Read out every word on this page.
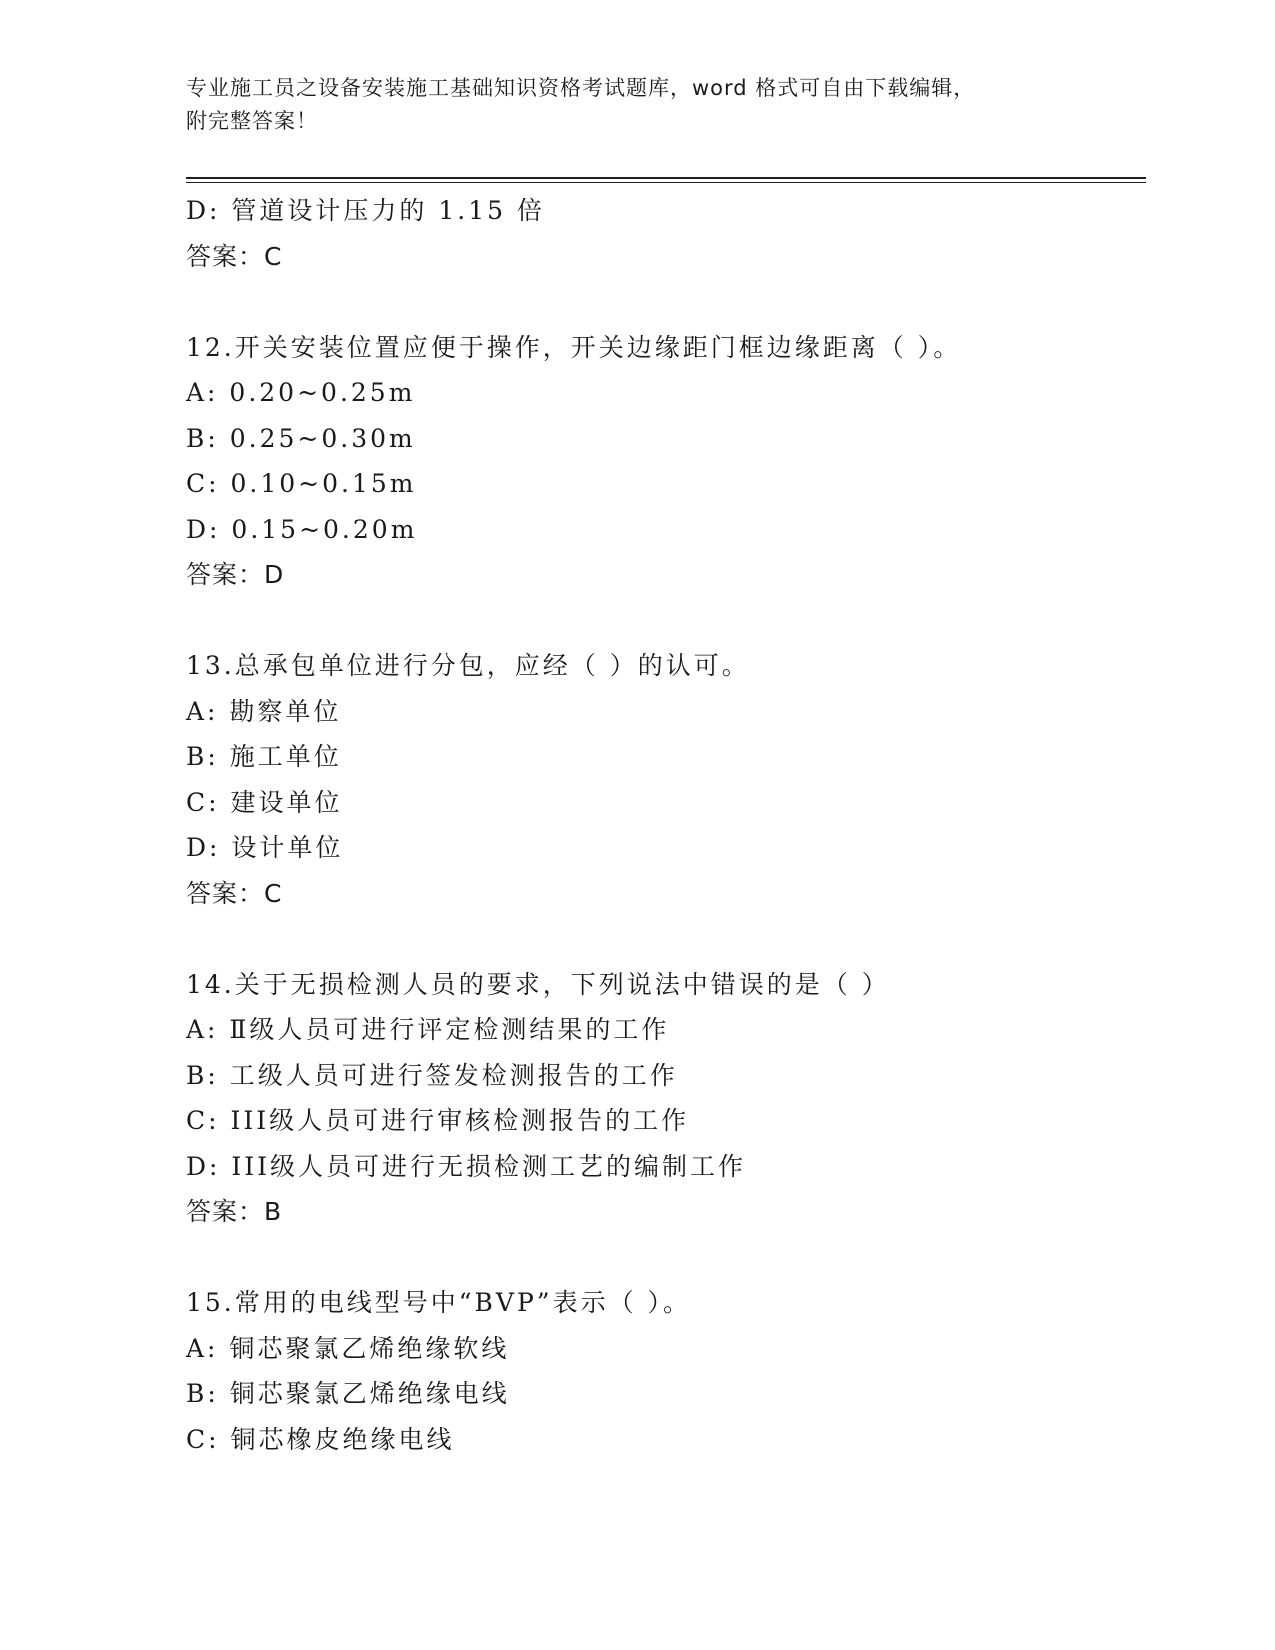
专业施工员之设备安装施工基础知识资格考试题库，word 格式可自由下载编辑，
附完整答案！
D: 管道设计压力的 1.15 倍
答案：C
12.开关安装位置应便于操作，开关边缘距门框边缘距离（ ）。
A: 0.20~0.25m
B: 0.25~0.30m
C: 0.10~0.15m
D: 0.15~0.20m
答案：D
13.总承包单位进行分包，应经（ ）的认可。
A: 勘察单位
B: 施工单位
C: 建设单位
D: 设计单位
答案：C
14.关于无损检测人员的要求，下列说法中错误的是（ ）
A: Ⅱ级人员可进行评定检测结果的工作
B: 工级人员可进行签发检测报告的工作
C: III级人员可进行审核检测报告的工作
D: III级人员可进行无损检测工艺的编制工作
答案：B
15.常用的电线型号中“BVP”表示（ ）。
A: 铜芯聚氯乙烯绝缘软线
B: 铜芯聚氯乙烯绝缘电线
C: 铜芯橡皮绝缘电线
